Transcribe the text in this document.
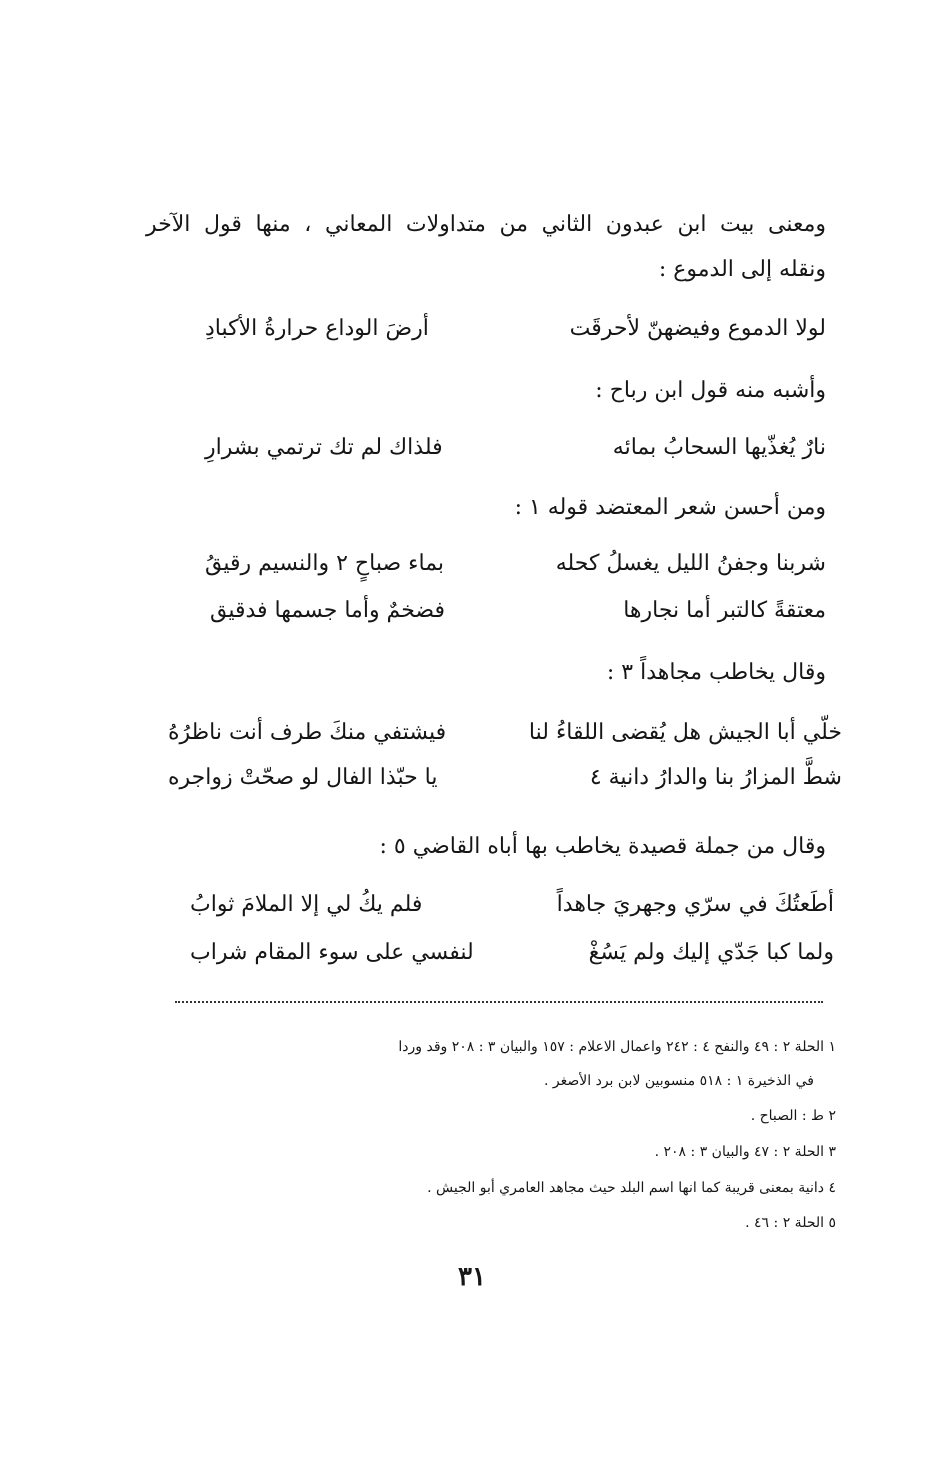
ومعنى بيت ابن عبدون الثاني من متداولات المعاني ، منها قول الآخر
ونقله إلى الدموع :
لولا الدموع وفيضهنّ لأحرقَت
أرضَ الوداع حرارةُ الأكبادِ
وأشبه منه قول ابن رباح :
نارٌ يُغذّيها السحابُ بمائه
فلذاك لم تك ترتمي بشرارِ
ومن أحسن شعر المعتضد قوله ١ :
شربنا وجفنُ الليل يغسلُ كحله
بماء صباحٍ ٢ والنسيم رقيقُ
معتقةً كالتبر أما نجارها
فضخمٌ وأما جسمها فدقيق
وقال يخاطب مجاهداً ٣ :
خلّي أبا الجيش هل يُقضى اللقاءُ لنا
فيشتفي منكَ طرف أنت ناظرُهُ
شطَّ المزارُ بنا والدارُ دانية ٤
يا حبّذا الفال لو صحّتْ زواجره
وقال من جملة قصيدة يخاطب بها أباه القاضي ٥ :
أطَعتُكَ في سرّي وجهريَ جاهداً
فلم يكُ لي إلا الملامَ ثوابُ
ولما كبا جَدّي إليك ولم يَسُغْ
لنفسي على سوء المقام شراب
١ الحلة ٢ : ٤٩ والنفح ٤ : ٢٤٢ واعمال الاعلام : ١٥٧ والبيان ٣ : ٢٠٨ وقد وردا
في الذخيرة ١ : ٥١٨ منسوبين لابن برد الأصغر .
٢ ط : الصباح .
٣ الحلة ٢ : ٤٧ والبيان ٣ : ٢٠٨ .
٤ دانية بمعنى قريبة كما انها اسم البلد حيث مجاهد العامري أبو الجيش .
٥ الحلة ٢ : ٤٦ .
٣١
